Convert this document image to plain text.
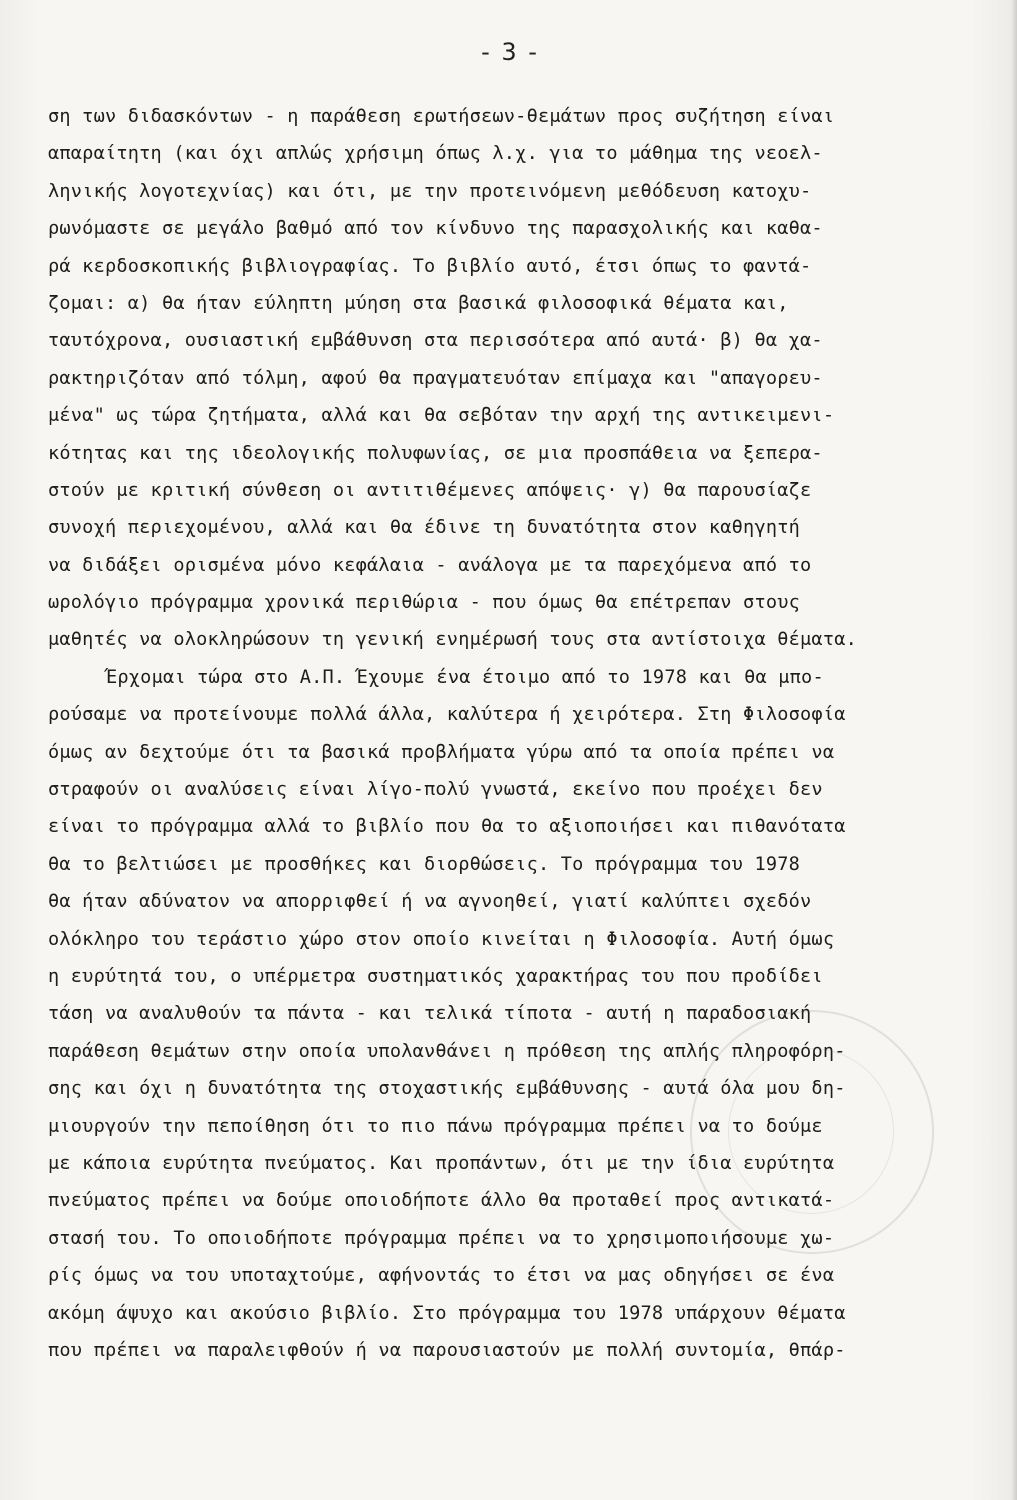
- 3 -
ση των διδασκόντων - η παράθεση ερωτήσεων-θεμάτων προς συζήτηση είναι
απαραίτητη (και όχι απλώς χρήσιμη όπως λ.χ. για το μάθημα της νεοελ-
ληνικής λογοτεχνίας) και ότι, με την προτεινόμενη μεθόδευση κατοχυ-
ρωνόμαστε σε μεγάλο βαθμό από τον κίνδυνο της παρασχολικής και καθα-
ρά κερδοσκοπικής βιβλιογραφίας. Το βιβλίο αυτό, έτσι όπως το φαντά-
ζομαι: α) θα ήταν εύληπτη μύηση στα βασικά φιλοσοφικά θέματα και,
ταυτόχρονα, ουσιαστική εμβάθυνση στα περισσότερα από αυτά· β) θα χα-
ρακτηριζόταν από τόλμη, αφού θα πραγματευόταν επίμαχα και "απαγορευ-
μένα" ως τώρα ζητήματα, αλλά και θα σεβόταν την αρχή της αντικειμενι-
κότητας και της ιδεολογικής πολυφωνίας, σε μια προσπάθεια να ξεπερα-
στούν με κριτική σύνθεση οι αντιτιθέμενες απόψεις· γ) θα παρουσίαζε
συνοχή περιεχομένου, αλλά και θα έδινε τη δυνατότητα στον καθηγητή
να διδάξει ορισμένα μόνο κεφάλαια - ανάλογα με τα παρεχόμενα από το
ωρολόγιο πρόγραμμα χρονικά περιθώρια - που όμως θα επέτρεπαν στους
μαθητές να ολοκληρώσουν τη γενική ενημέρωσή τους στα αντίστοιχα θέματα.
Έρχομαι τώρα στο Α.Π. Έχουμε ένα έτοιμο από το 1978 και θα μπο-
ρούσαμε να προτείνουμε πολλά άλλα, καλύτερα ή χειρότερα. Στη Φιλοσοφία
όμως αν δεχτούμε ότι τα βασικά προβλήματα γύρω από τα οποία πρέπει να
στραφούν οι αναλύσεις είναι λίγο-πολύ γνωστά, εκείνο που προέχει δεν
είναι το πρόγραμμα αλλά το βιβλίο που θα το αξιοποιήσει και πιθανότατα
θα το βελτιώσει με προσθήκες και διορθώσεις. Το πρόγραμμα του 1978
θα ήταν αδύνατον να απορριφθεί ή να αγνοηθεί, γιατί καλύπτει σχεδόν
ολόκληρο του τεράστιο χώρο στον οποίο κινείται η Φιλοσοφία. Αυτή όμως
η ευρύτητά του, ο υπέρμετρα συστηματικός χαρακτήρας του που προδίδει
τάση να αναλυθούν τα πάντα - και τελικά τίποτα - αυτή η παραδοσιακή
παράθεση θεμάτων στην οποία υπολανθάνει η πρόθεση της απλής πληροφόρη-
σης και όχι η δυνατότητα της στοχαστικής εμβάθυνσης - αυτά όλα μου δη-
μιουργούν την πεποίθηση ότι το πιο πάνω πρόγραμμα πρέπει να το δούμε
με κάποια ευρύτητα πνεύματος. Και προπάντων, ότι με την ίδια ευρύτητα
πνεύματος πρέπει να δούμε οποιοδήποτε άλλο θα προταθεί προς αντικατά-
στασή του. Το οποιοδήποτε πρόγραμμα πρέπει να το χρησιμοποιήσουμε χω-
ρίς όμως να του υποταχτούμε, αφήνοντάς το έτσι να μας οδηγήσει σε ένα
ακόμη άψυχο και ακούσιο βιβλίο. Στο πρόγραμμα του 1978 υπάρχουν θέματα
που πρέπει να παραλειφθούν ή να παρουσιαστούν με πολλή συντομία, θπάρ-
